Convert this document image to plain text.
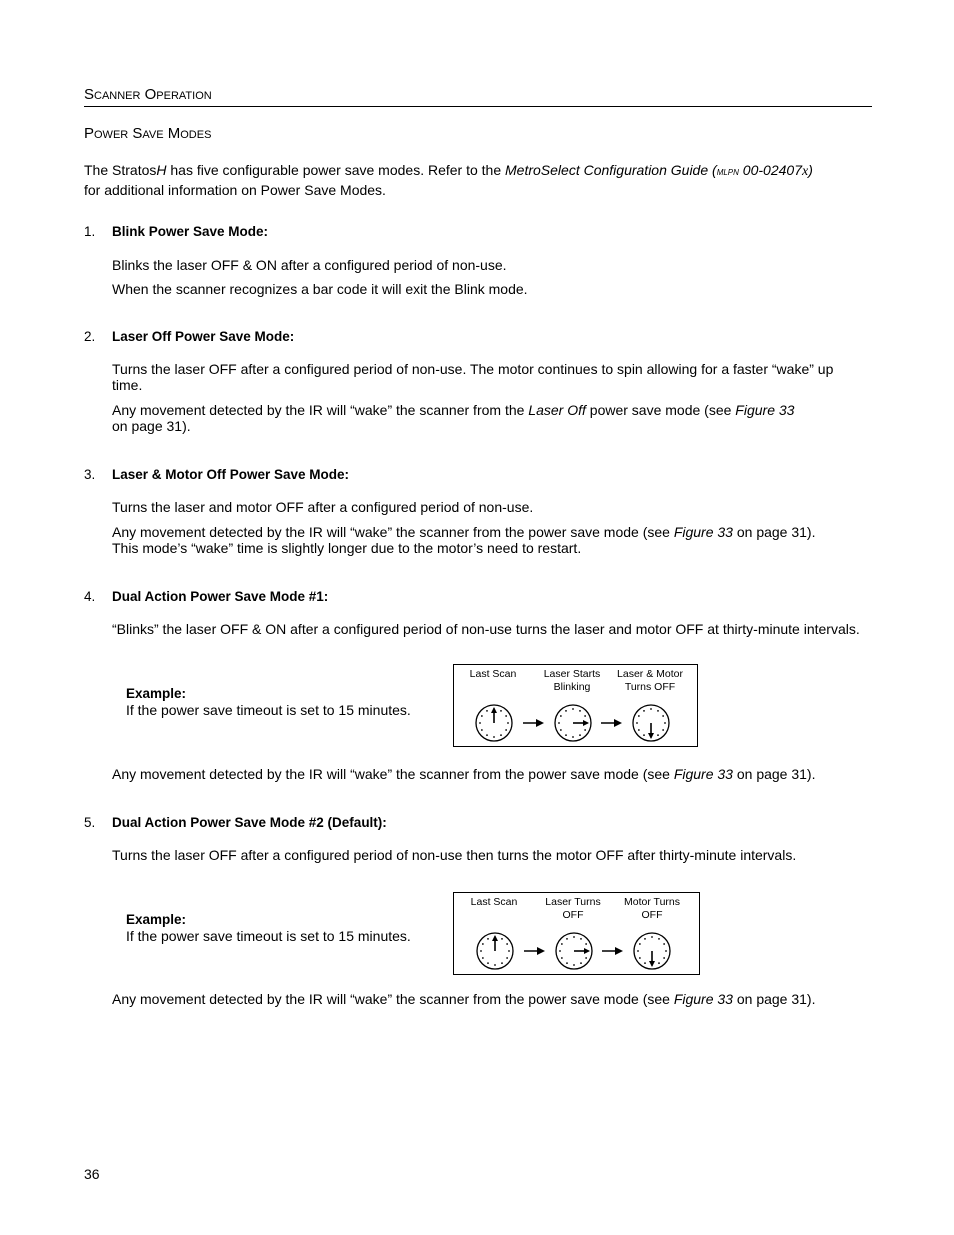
Scanner Operation
Power Save Modes
The StratosH has five configurable power save modes. Refer to the MetroSelect Configuration Guide (mlpn 00-02407x)
for additional information on Power Save Modes.
1. Blink Power Save Mode:
Blinks the laser OFF & ON after a configured period of non-use.
When the scanner recognizes a bar code it will exit the Blink mode.
2. Laser Off Power Save Mode:
Turns the laser OFF after a configured period of non-use. The motor continues to spin allowing for a faster “wake” up
time.
Any movement detected by the IR will “wake” the scanner from the Laser Off power save mode (see Figure 33
on page 31).
3. Laser & Motor Off Power Save Mode:
Turns the laser and motor OFF after a configured period of non-use.
Any movement detected by the IR will “wake” the scanner from the power save mode (see Figure 33 on page 31).
This mode’s “wake” time is slightly longer due to the motor’s need to restart.
4. Dual Action Power Save Mode #1:
“Blinks” the laser OFF & ON after a configured period of non-use turns the laser and motor OFF at thirty-minute intervals.
Example:
If the power save timeout is set to 15 minutes.
Last Scan	Laser Starts
Blinking
Laser & Motor
Turns OFF
Any movement detected by the IR will “wake” the scanner from the power save mode (see Figure 33 on page 31).
5. Dual Action Power Save Mode #2 (Default):
Turns the laser OFF after a configured period of non-use then turns the motor OFF after thirty-minute intervals.
Example:
If the power save timeout is set to 15 minutes.
Last Scan	Laser Turns
OFF
Motor Turns
OFF
Any movement detected by the IR will “wake” the scanner from the power save mode (see Figure 33 on page 31).
36
